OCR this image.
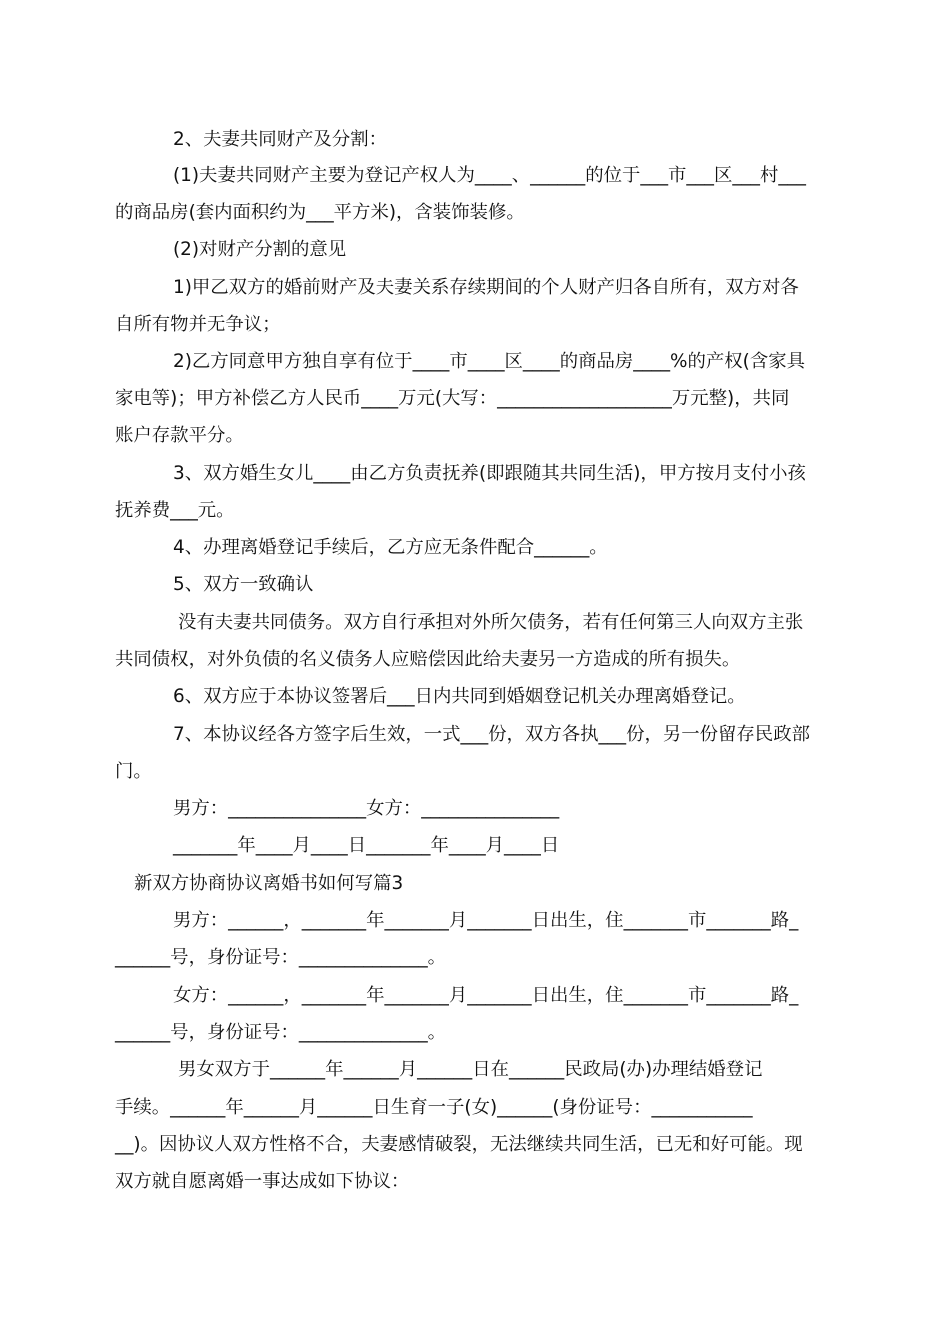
2、夫妻共同财产及分割：

(1)夫妻共同财产主要为登记产权人为____、______的位于___市___区___村___

的商品房(套内面积约为___平方米)，含装饰装修。

(2)对财产分割的意见

1)甲乙双方的婚前财产及夫妻关系存续期间的个人财产归各自所有，双方对各

自所有物并无争议；

2)乙方同意甲方独自享有位于____市____区____的商品房____%的产权(含家具

家电等)；甲方补偿乙方人民币____万元(大写：___________________万元整)，共同

账户存款平分。

3、双方婚生女儿____由乙方负责抚养(即跟随其共同生活)，甲方按月支付小孩

抚养费___元。

4、办理离婚登记手续后，乙方应无条件配合______。

5、双方一致确认

没有夫妻共同债务。双方自行承担对外所欠债务，若有任何第三人向双方主张

共同债权，对外负债的名义债务人应赔偿因此给夫妻另一方造成的所有损失。

6、双方应于本协议签署后___日内共同到婚姻登记机关办理离婚登记。

7、本协议经各方签字后生效，一式___份，双方各执___份，另一份留存民政部

门。

男方：_______________女方：_______________

_______年____月____日_______年____月____日

新双方协商协议离婚书如何写篇3

男方：______，_______年_______月_______日出生，住_______市_______路_

______号，身份证号：______________。

女方：______，_______年_______月_______日出生，住_______市_______路_

______号，身份证号：______________。

男女双方于______年______月______日在______民政局(办)办理结婚登记

手续。______年______月______日生育一子(女)______(身份证号：___________

__)。因协议人双方性格不合，夫妻感情破裂，无法继续共同生活，已无和好可能。现

双方就自愿离婚一事达成如下协议：
